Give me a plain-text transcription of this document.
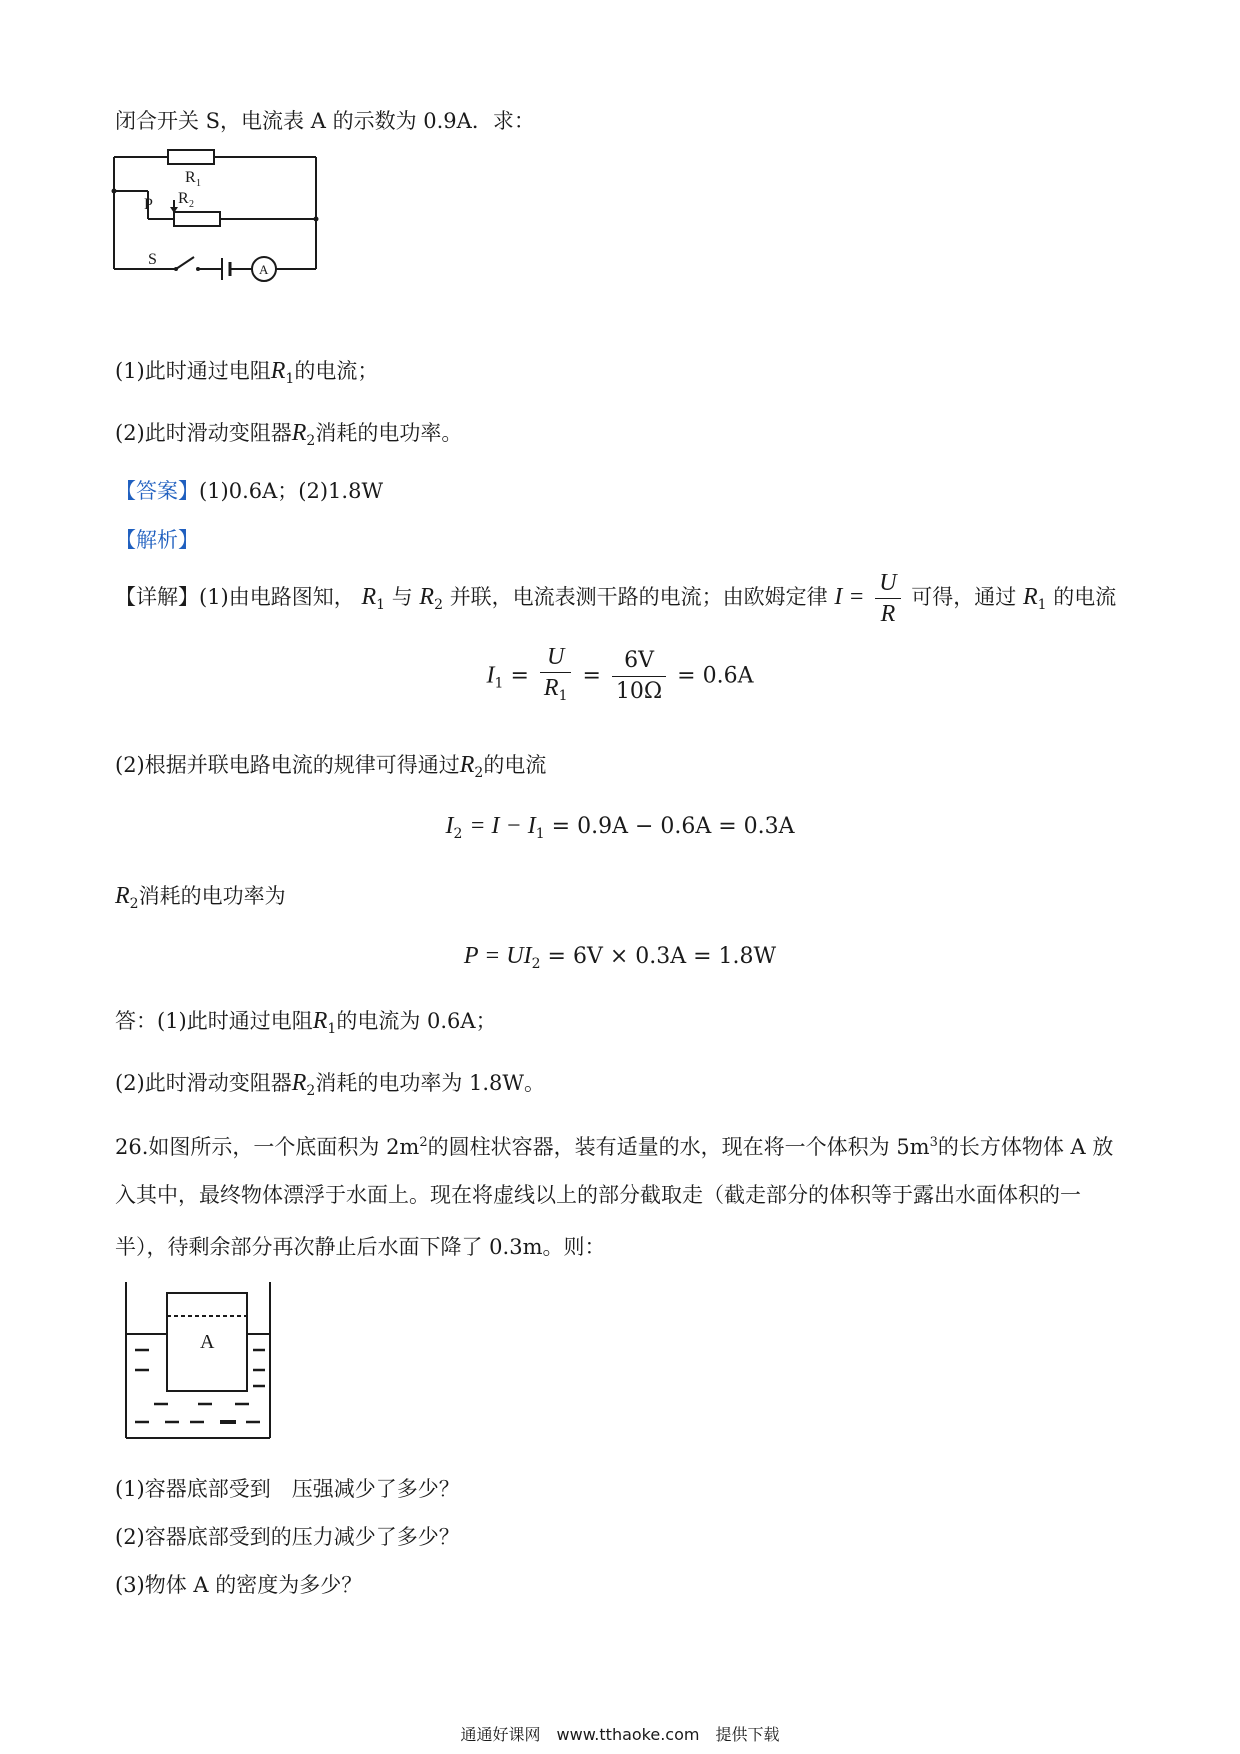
闭合开关 S，电流表 A 的示数为 0.9A．求：
R 1
P R 2
S
A
(1)此时通过电阻$R_1$的电流；
(2)此时滑动变阻器$R_2$消耗的电功率。
【答案】(1)0.6A；(2)1.8W
【解析】
【详解】(1)由电路图知， $R_1$ 与 $R_2$ 并联，电流表测干路的电流；由欧姆定律 $I = \frac{U}{R}$ 可得，通过 $R_1$ 的电流
$I_1 = \frac{U}{R_1} = \frac{6V}{10\Omega} = 0.6A$
(2)根据并联电路电流的规律可得通过$R_2$的电流
$I_2 = I - I_1 = 0.9A - 0.6A = 0.3A$
$R_2$消耗的电功率为
$P = UI_2 = 6V \times 0.3A = 1.8W$
答：(1)此时通过电阻$R_1$的电流为 0.6A；
(2)此时滑动变阻器$R_2$消耗的电功率为 1.8W。
26.如图所示，一个底面积为 $2m^2$的圆柱状容器，装有适量的水，现在将一个体积为 $5m^3$的长方体物体 A 放
入其中，最终物体漂浮于水面上。现在将虚线以上的部分截取走（截走部分的体积等于露出水面体积的一
半），待剩余部分再次静止后水面下降了 0.3m。则：
A
(1)容器底部受到　压强减少了多少？
(2)容器底部受到的压力减少了多少？
(3)物体 A 的密度为多少？
通通好课网　www.tthaoke.com　提供下载
